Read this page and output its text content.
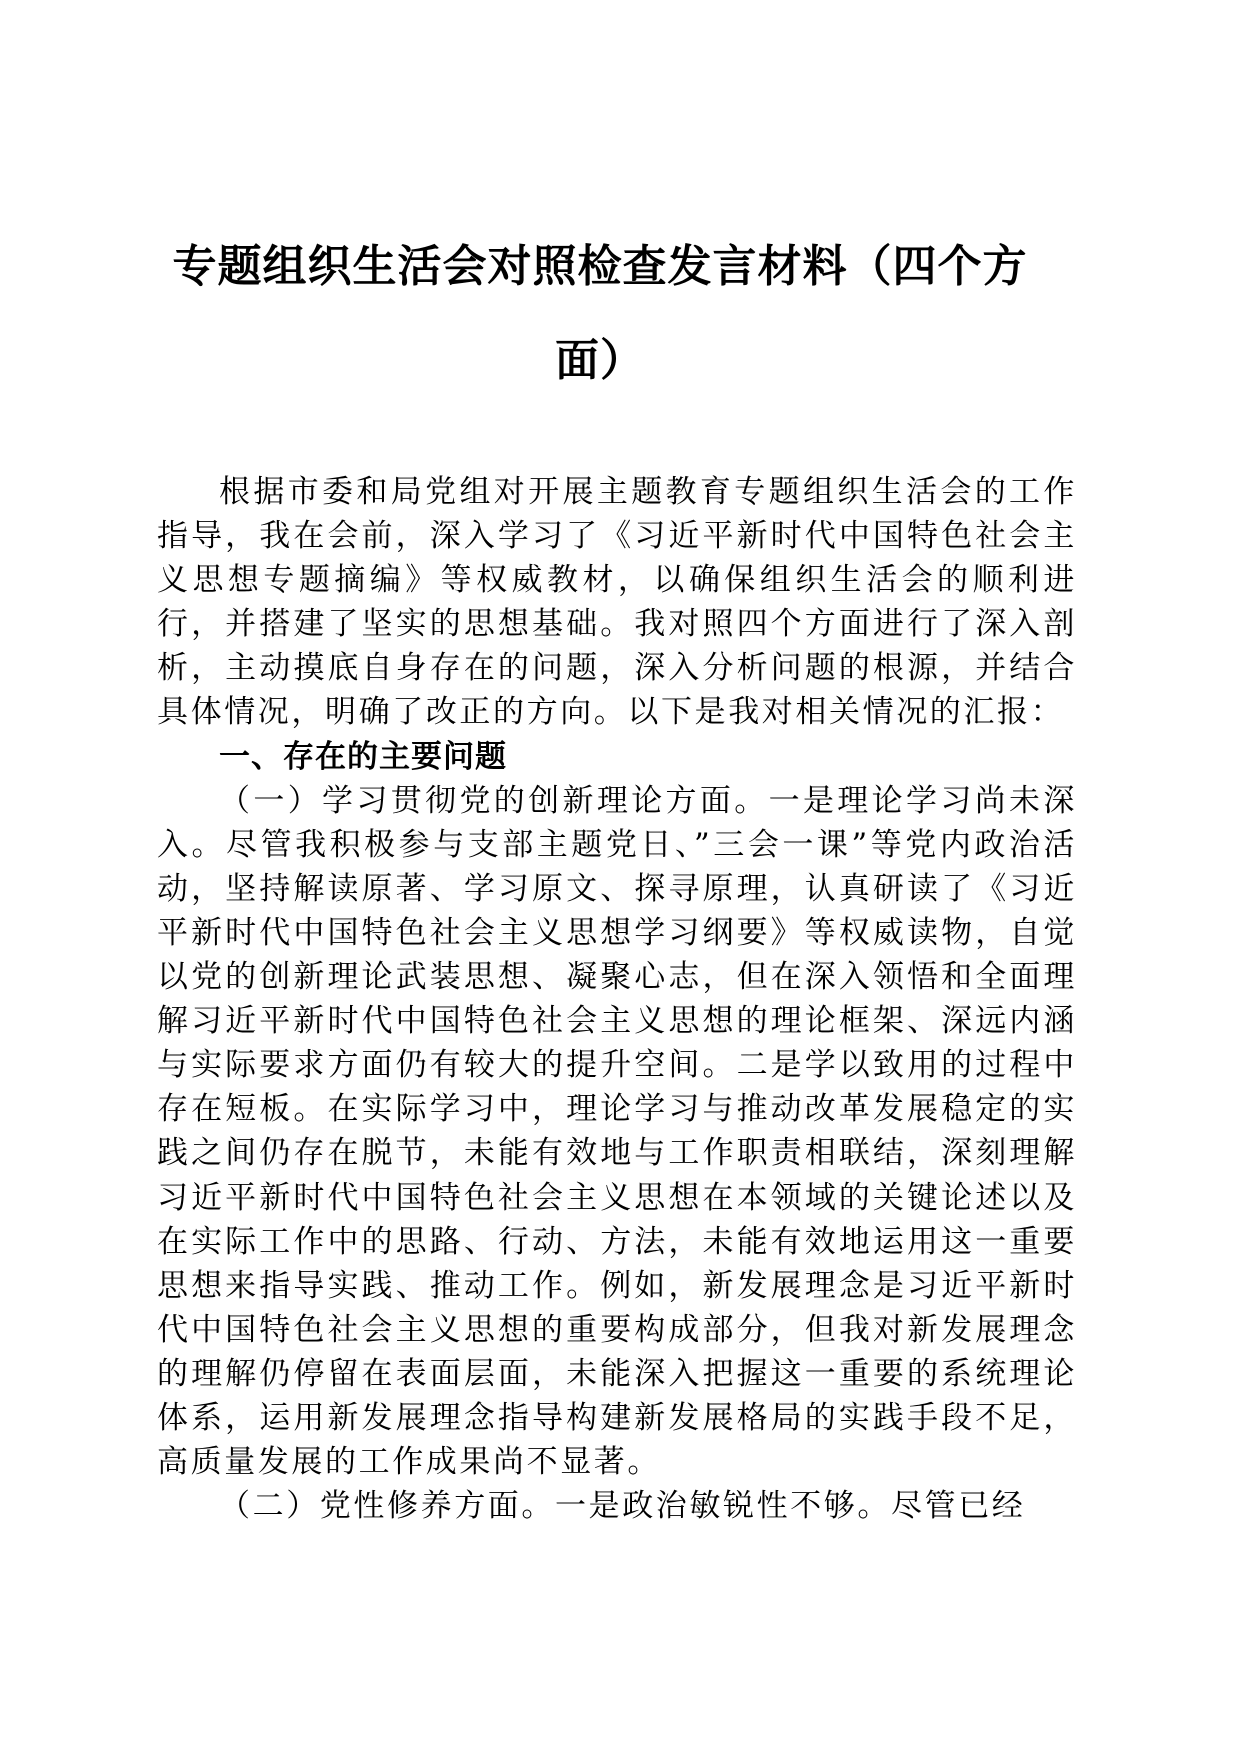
专题组织生活会对照检查发言材料（四个方面）

根据市委和局党组对开展主题教育专题组织生活会的工作指导，我在会前，深入学习了《习近平新时代中国特色社会主义思想专题摘编》等权威教材，以确保组织生活会的顺利进行，并搭建了坚实的思想基础。我对照四个方面进行了深入剖析，主动摸底自身存在的问题，深入分析问题的根源，并结合具体情况，明确了改正的方向。以下是我对相关情况的汇报：

一、存在的主要问题

（一）学习贯彻党的创新理论方面。一是理论学习尚未深入。尽管我积极参与支部主题党日、”三会一课”等党内政治活动，坚持解读原著、学习原文、探寻原理，认真研读了《习近平新时代中国特色社会主义思想学习纲要》等权威读物，自觉以党的创新理论武装思想、凝聚心志，但在深入领悟和全面理解习近平新时代中国特色社会主义思想的理论框架、深远内涵与实际要求方面仍有较大的提升空间。二是学以致用的过程中存在短板。在实际学习中，理论学习与推动改革发展稳定的实践之间仍存在脱节，未能有效地与工作职责相联结，深刻理解习近平新时代中国特色社会主义思想在本领域的关键论述以及在实际工作中的思路、行动、方法，未能有效地运用这一重要思想来指导实践、推动工作。例如，新发展理念是习近平新时代中国特色社会主义思想的重要构成部分，但我对新发展理念的理解仍停留在表面层面，未能深入把握这一重要的系统理论体系，运用新发展理念指导构建新发展格局的实践手段不足，高质量发展的工作成果尚不显著。

（二）党性修养方面。一是政治敏锐性不够。尽管已经
